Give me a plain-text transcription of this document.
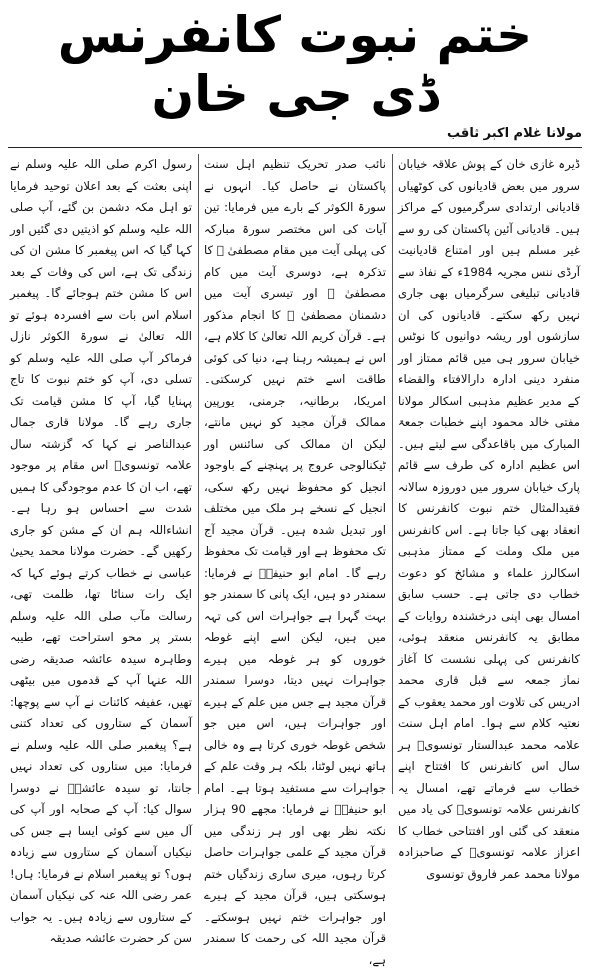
ختم نبوت کانفرنس
ڈی جی خان
مولانا غلام اکبر ثاقب

ڈیرہ غازی خان کے پوش علاقہ خیابان سرور میں بعض قادیانوں کی کوٹھیاں قادیانی ارتدادی سرگرمیوں کے مراکز ہیں۔ قادیانی آئین پاکستان کی رو سے غیر مسلم ہیں اور امتناع قادیانیت آرڈی ننس مجریہ 1984ء کے نفاذ سے قادیانی تبلیغی سرگرمیاں بھی جاری نہیں رکھ سکتے۔ قادیانوں کی ان سازشوں اور ریشہ دوانیوں کا نوٹس خیابان سرور ہی میں قائم ممتاز اور منفرد دینی ادارہ دارالافتاء والقضاء کے مدیر عظیم مذہبی اسکالر مولانا مفتی خالد محمود اپنے خطبات جمعۃ المبارک میں باقاعدگی سے لیتے ہیں۔ اس عظیم ادارہ کی طرف سے قائم پارک خیابان سرور میں دوروزہ سالانہ فقیدالمثال ختم نبوت کانفرنس کا انعقاد بھی کیا جاتا ہے۔ اس کانفرنس میں ملک وملت کے ممتاز مذہبی اسکالرز علماء و مشائخ کو دعوت خطاب دی جاتی ہے۔ حسب سابق امسال بھی اپنی درخشندہ روایات کے مطابق یہ کانفرنس منعقد ہوئی، کانفرنس کی پہلی نشست کا آغاز نماز جمعہ سے قبل قاری محمد ادریس کی تلاوت اور محمد یعقوب کے نعتیہ کلام سے ہوا۔ امام اہل سنت علامہ محمد عبدالستار تونسویؒ ہر سال اس کانفرنس کا افتتاح اپنے خطاب سے فرماتے تھے، امسال یہ کانفرنس علامہ تونسویؒ کی یاد میں منعقد کی گئی اور افتتاحی خطاب کا اعزاز علامہ تونسویؒ کے صاحبزادہ مولانا محمد عمر فاروق تونسوی

نائب صدر تحریک تنظیم اہل سنت پاکستان نے حاصل کیا۔ انہوں نے سورۃ الکوثر کے بارے میں فرمایا: تین آیات کی اس مختصر سورۃ مبارکہ کی پہلی آیت میں مقام مصطفیٰ ﷺ کا تذکرہ ہے، دوسری آیت میں کام مصطفیٰ ﷺ اور تیسری آیت میں دشمنان مصطفیٰ ﷺ کا انجام مذکور ہے۔ قرآن کریم اللہ تعالیٰ کا کلام ہے، اس نے ہمیشہ رہنا ہے، دنیا کی کوئی طاقت اسے ختم نہیں کرسکتی۔ امریکا، برطانیہ، جرمنی، یورپین ممالک قرآن مجید کو نہیں مانتے، لیکن ان ممالک کی سائنس اور ٹیکنالوجی عروج پر پہنچنے کے باوجود انجیل کو محفوظ نہیں رکھ سکی، انجیل کے نسخے ہر ملک میں مختلف اور تبدیل شدہ ہیں۔ قرآن مجید آج تک محفوظ ہے اور قیامت تک محفوظ رہے گا۔ امام ابو حنیفہؒ نے فرمایا: سمندر دو ہیں، ایک پانی کا سمندر جو بہت گہرا ہے جواہرات اس کی تہہ میں ہیں، لیکن اسے اپنے غوطہ خوروں کو ہر غوطہ میں ہیرے جواہرات نہیں دیتا، دوسرا سمندر قرآن مجید ہے جس میں علم کے ہیرے اور جواہرات ہیں، اس میں جو شخص غوطہ خوری کرتا ہے وہ خالی ہاتھ نہیں لوٹتا، بلکہ ہر وقت علم کے جواہرات سے مستفید ہوتا ہے۔ امام ابو حنیفہؒ نے فرمایا: مجھے 90 ہزار نکتہ نظر بھی اور ہر زندگی میں قرآن مجید کے علمی جواہرات حاصل کرتا رہوں، میری ساری زندگیاں ختم ہوسکتی ہیں، قرآن مجید کے ہیرے اور جواہرات ختم نہیں ہوسکتے۔ قرآن مجید اللہ کی رحمت کا سمندر ہے،

رسول اکرم صلی اللہ علیہ وسلم نے اپنی بعثت کے بعد اعلان توحید فرمایا تو اہل مکہ دشمن بن گئے، آپ صلی اللہ علیہ وسلم کو اذیتیں دی گئیں اور کہا گیا کہ اس پیغمبر کا مشن ان کی زندگی تک ہے، اس کی وفات کے بعد اس کا مشن ختم ہوجائے گا۔ پیغمبر اسلام اس بات سے افسردہ ہوئے تو اللہ تعالیٰ نے سورۃ الکوثر نازل فرماکر آپ صلی اللہ علیہ وسلم کو تسلی دی، آپ کو ختم نبوت کا تاج پہنایا گیا، آپ کا مشن قیامت تک جاری رہے گا۔ مولانا قاری جمال عبدالناصر نے کہا کہ گزشتہ سال علامہ تونسویؒ اس مقام پر موجود تھے، اب ان کا عدم موجودگی کا ہمیں شدت سے احساس ہو رہا ہے۔ انشاءاللہ ہم ان کے مشن کو جاری رکھیں گے۔ حضرت مولانا محمد یحییٰ عباسی نے خطاب کرتے ہوئے کہا کہ ایک رات سناٹا تھا، ظلمت تھی، رسالت مآب صلی اللہ علیہ وسلم بستر پر محو استراحت تھے، طیبہ وطاہرہ سیدہ عائشہ صدیقہ رضی اللہ عنہا آپ کے قدموں میں بیٹھی تھیں، عفیفہ کائنات نے آپ سے پوچھا: آسمان کے ستاروں کی تعداد کتنی ہے؟ پیغمبر صلی اللہ علیہ وسلم نے فرمایا: میں ستاروں کی تعداد نہیں جانتا، تو سیدہ عائشہؓ نے دوسرا سوال کیا: آپ کے صحابہ اور آپ کی آل میں سے کوئی ایسا ہے جس کی نیکیاں آسمان کے ستاروں سے زیادہ ہوں؟ تو پیغمبر اسلام نے فرمایا: ہاں! عمر رضی اللہ عنہ کی نیکیاں آسمان کے ستاروں سے زیادہ ہیں۔ یہ جواب سن کر حضرت عائشہ صدیقہ
